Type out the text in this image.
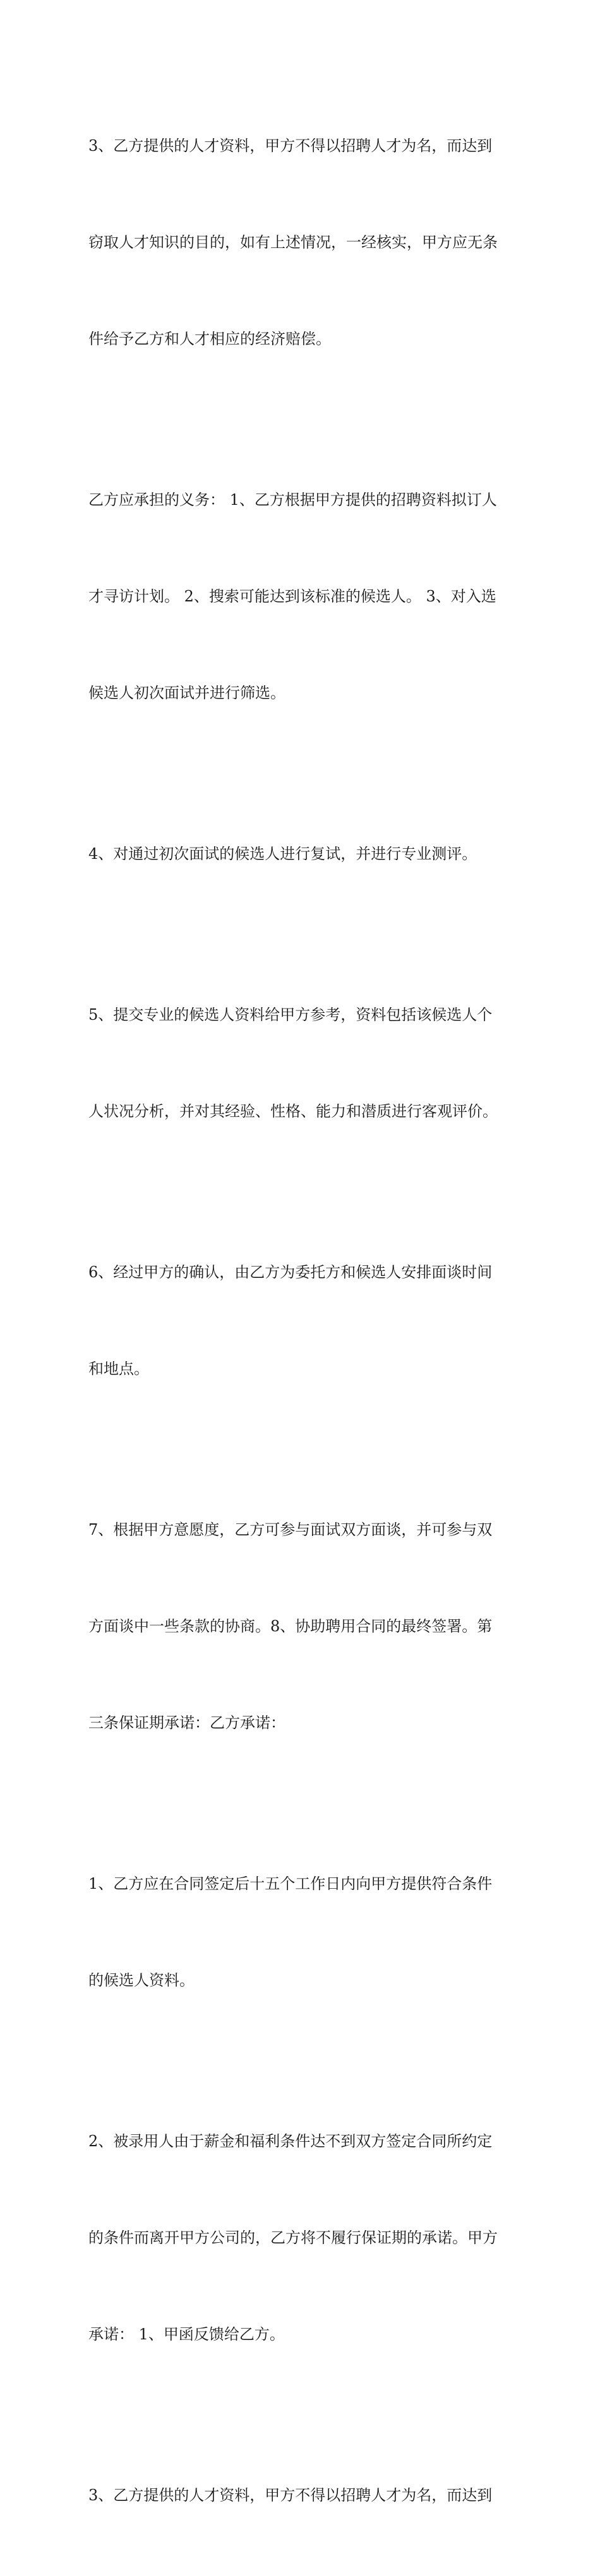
3、乙方提供的人才资料，甲方不得以招聘人才为名，而达到

窃取人才知识的目的，如有上述情况，一经核实，甲方应无条

件给予乙方和人才相应的经济赔偿。

乙方应承担的义务： 1、乙方根据甲方提供的招聘资料拟订人

才寻访计划。 2、搜索可能达到该标准的候选人。 3、对入选

候选人初次面试并进行筛选。

4、对通过初次面试的候选人进行复试，并进行专业测评。

5、提交专业的候选人资料给甲方参考，资料包括该候选人个

人状况分析，并对其经验、性格、能力和潜质进行客观评价。

6、经过甲方的确认，由乙方为委托方和候选人安排面谈时间

和地点。

7、根据甲方意愿度，乙方可参与面试双方面谈，并可参与双

方面谈中一些条款的协商。8、协助聘用合同的最终签署。第

三条保证期承诺：乙方承诺：

1、乙方应在合同签定后十五个工作日内向甲方提供符合条件

的候选人资料。

2、被录用人由于薪金和福利条件达不到双方签定合同所约定

的条件而离开甲方公司的，乙方将不履行保证期的承诺。甲方

承诺： 1、甲函反馈给乙方。

3、乙方提供的人才资料，甲方不得以招聘人才为名，而达到
